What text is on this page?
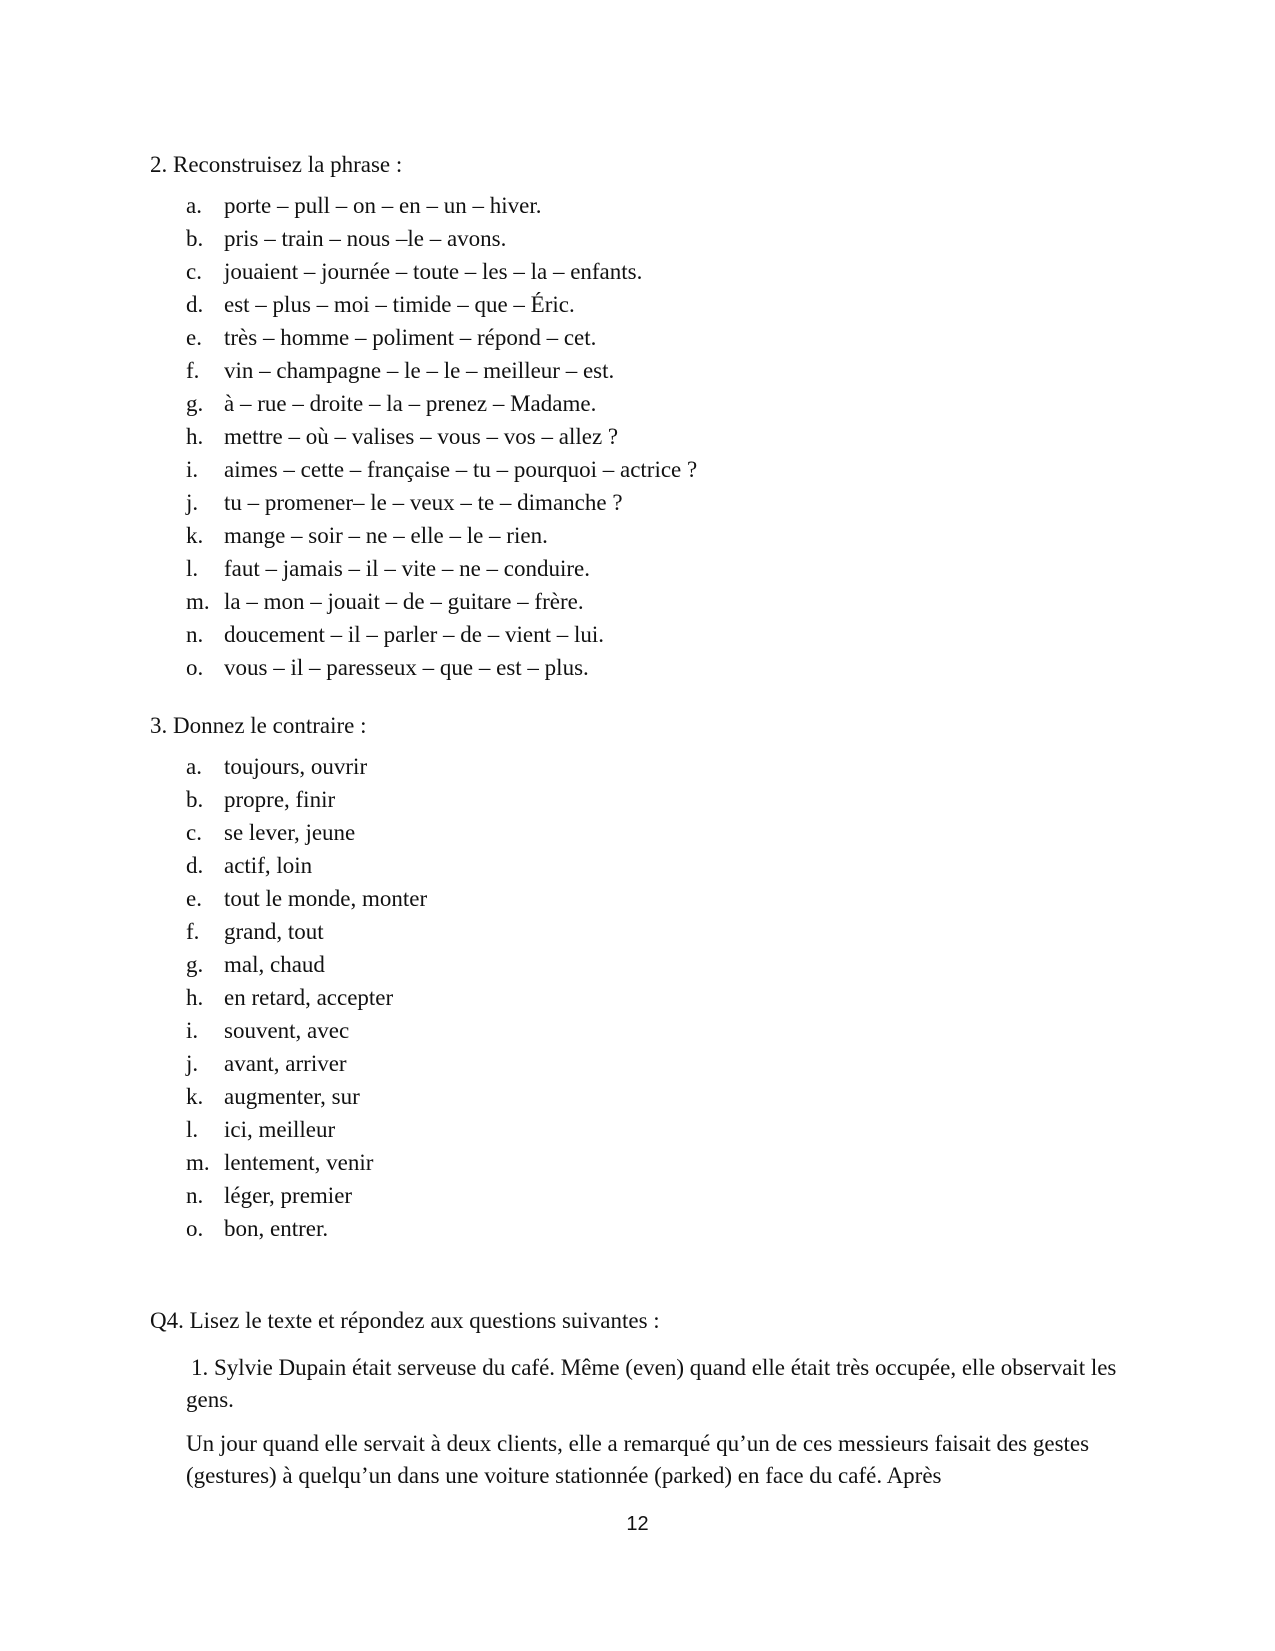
2. Reconstruisez la phrase :
a. porte – pull – on – en – un – hiver.
b. pris – train – nous –le – avons.
c. jouaient – journée – toute – les – la – enfants.
d. est – plus – moi – timide – que – Éric.
e. très – homme – poliment – répond – cet.
f. vin – champagne – le – le – meilleur – est.
g. à – rue – droite – la – prenez – Madame.
h. mettre – où – valises – vous – vos – allez ?
i. aimes – cette – française – tu – pourquoi – actrice ?
j. tu – promener– le – veux – te – dimanche ?
k. mange – soir – ne – elle – le – rien.
l. faut – jamais – il – vite – ne – conduire.
m. la – mon – jouait – de – guitare – frère.
n. doucement – il – parler – de – vient – lui.
o. vous – il – paresseux – que – est – plus.
3. Donnez le contraire :
a. toujours, ouvrir
b. propre, finir
c. se lever, jeune
d. actif, loin
e. tout le monde, monter
f. grand, tout
g. mal, chaud
h. en retard, accepter
i. souvent, avec
j. avant, arriver
k. augmenter, sur
l. ici, meilleur
m. lentement, venir
n. léger, premier
o. bon, entrer.
Q4. Lisez le texte et répondez aux questions suivantes :

1. Sylvie Dupain était serveuse du café. Même (even) quand elle était très occupée, elle observait les gens.

Un jour quand elle servait à deux clients, elle a remarqué qu’un de ces messieurs faisait des gestes (gestures) à quelqu’un dans une voiture stationnée (parked) en face du café. Après

12
